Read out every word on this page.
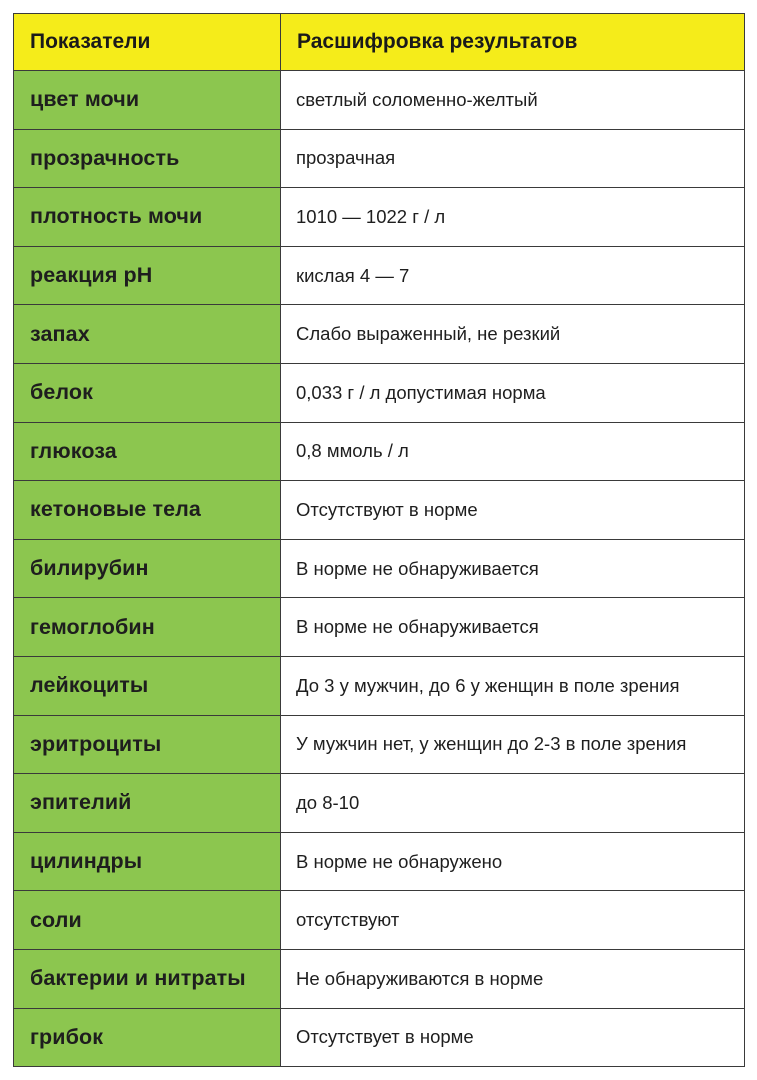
Показатели	Расшифровка результатов
цвет мочи	светлый соломенно-желтый
прозрачность	прозрачная
плотность мочи	1010 — 1022 г / л
реакция pH	кислая 4 — 7
запах	Слабо выраженный, не резкий
белок	0,033 г / л допустимая норма
глюкоза	0,8 ммоль / л
кетоновые тела	Отсутствуют в норме
билирубин	В норме не обнаруживается
гемоглобин	В норме не обнаруживается
лейкоциты	До 3 у мужчин, до 6 у женщин в поле зрения
эритроциты	У мужчин нет, у женщин до 2-3 в поле зрения
эпителий	до 8-10
цилиндры	В норме не обнаружено
соли	отсутствуют
бактерии и нитраты	Не обнаруживаются в норме
грибок	Отсутствует в норме
